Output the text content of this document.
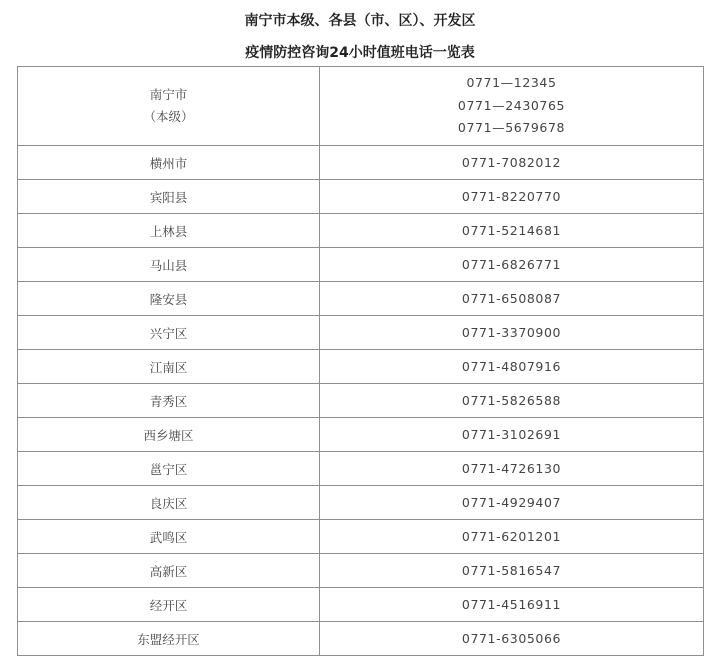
南宁市本级、各县（市、区）、开发区
疫情防控咨询24小时值班电话一览表
南宁市
（本级）	0771—12345
0771—2430765
0771—5679678

横州市	0771-7082012
宾阳县	0771-8220770
上林县	0771-5214681
马山县	0771-6826771
隆安县	0771-6508087
兴宁区	0771-3370900
江南区	0771-4807916
青秀区	0771-5826588
西乡塘区	0771-3102691
邕宁区	0771-4726130
良庆区	0771-4929407
武鸣区	0771-6201201
高新区	0771-5816547
经开区	0771-4516911
东盟经开区	0771-6305066
